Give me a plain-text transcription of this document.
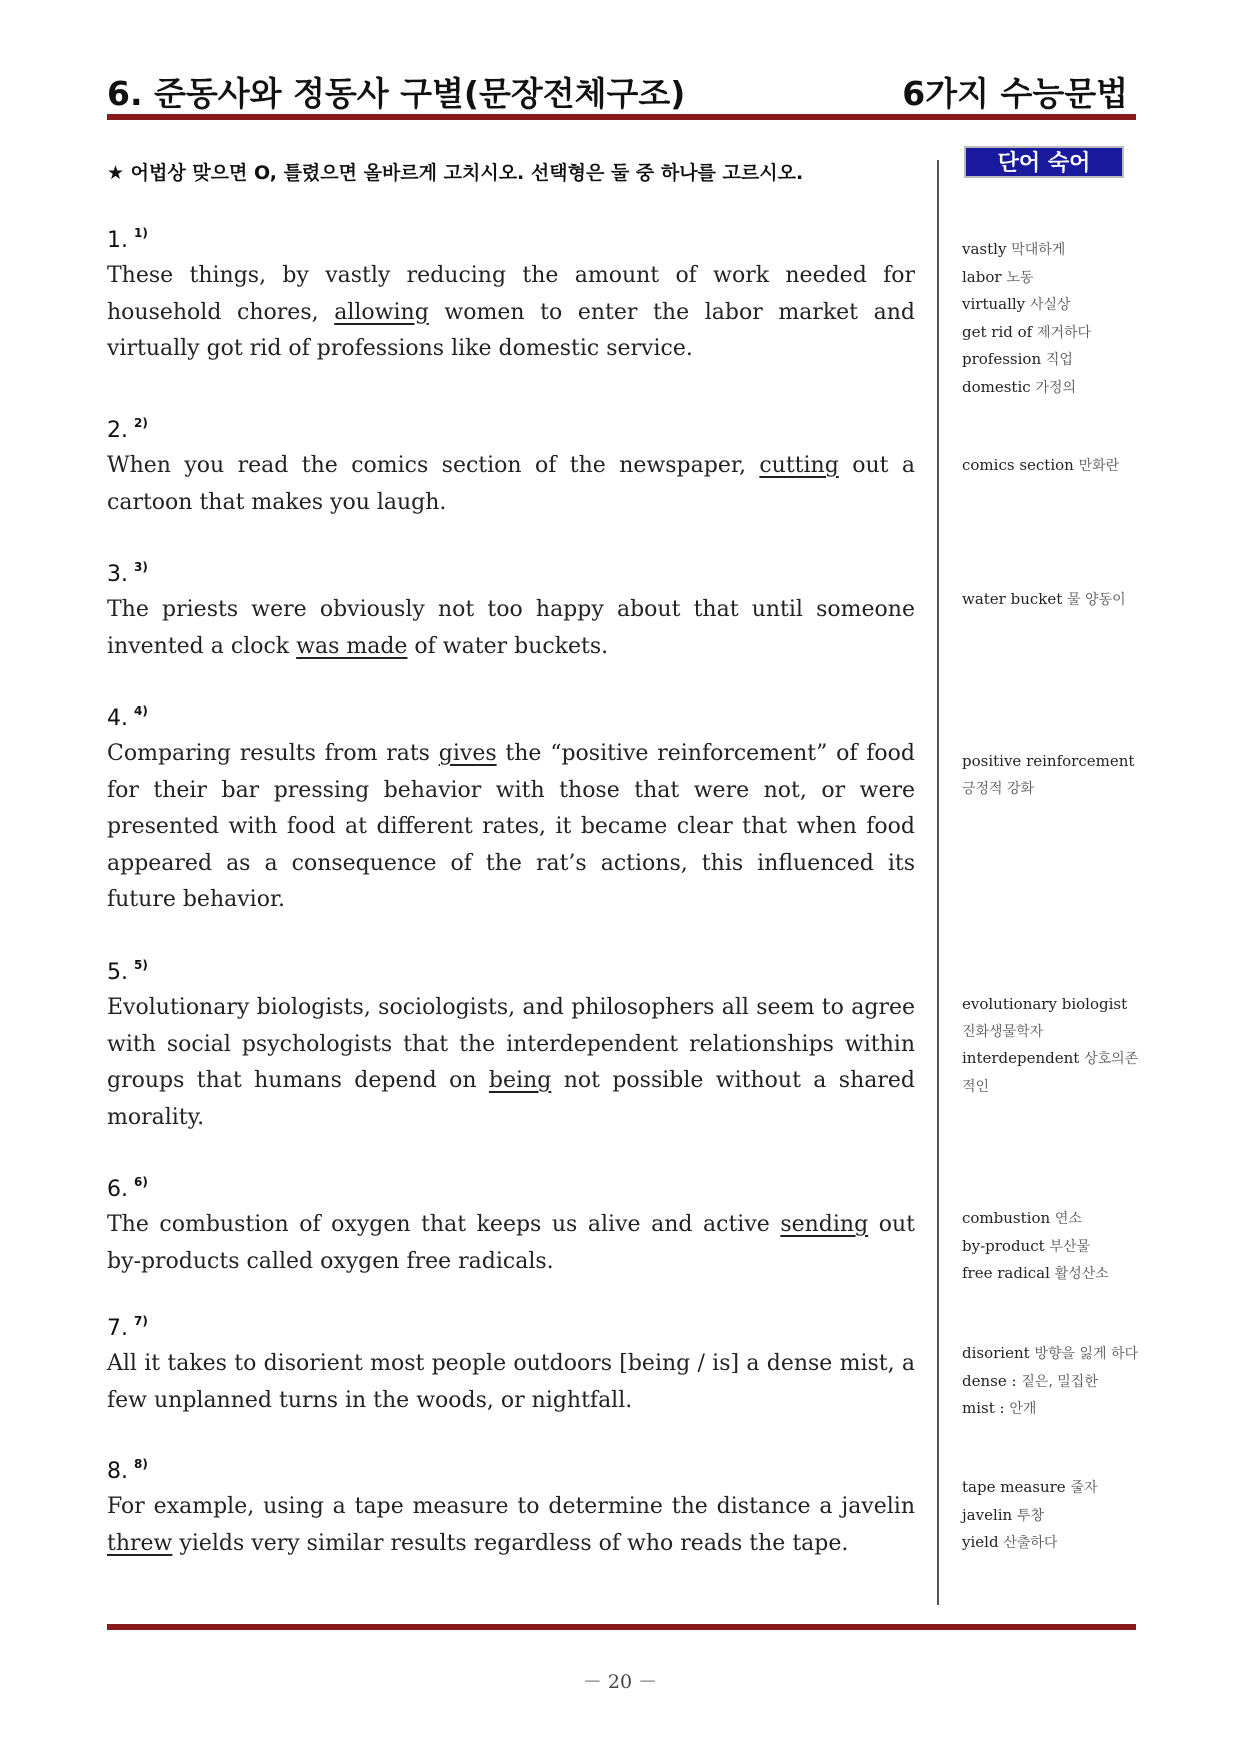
6. 준동사와 정동사 구별(문장전체구조)	6가지 수능문법
★ 어법상 맞으면 O, 틀렸으면 올바르게 고치시오. 선택형은 둘 중 하나를 고르시오.	단어 숙어
1. $^{1)}$
These things, by vastly reducing the amount of work needed for household chores, allowing women to enter the labor market and virtually got rid of professions like domestic service.
2. $^{2)}$
When you read the comics section of the newspaper, cutting out a cartoon that makes you laugh.
3. $^{3)}$
The priests were obviously not too happy about that until someone invented a clock was made of water buckets.
4. $^{4)}$
Comparing results from rats gives the “positive reinforcement” of food for their bar pressing behavior with those that were not, or were presented with food at different rates, it became clear that when food appeared as a consequence of the rat’s actions, this influenced its future behavior.
5. $^{5)}$
Evolutionary biologists, sociologists, and philosophers all seem to agree with social psychologists that the interdependent relationships within groups that humans depend on being not possible without a shared morality.
6. $^{6)}$
The combustion of oxygen that keeps us alive and active sending out by-products called oxygen free radicals.
7. $^{7)}$
All it takes to disorient most people outdoors [being / is] a dense mist, a few unplanned turns in the woods, or nightfall.
8. $^{8)}$
For example, using a tape measure to determine the distance a javelin threw yields very similar results regardless of who reads the tape.
vastly 막대하게
labor 노동
virtually 사실상
get rid of 제거하다
profession 직업
domestic 가정의
comics section 만화란
water bucket 물 양동이
positive reinforcement 긍정적 강화
evolutionary biologist 진화생물학자
interdependent 상호의존적인
combustion 연소
by-product 부산물
free radical 활성산소
disorient 방향을 잃게 하다
dense : 짙은, 밀집한
mist : 안개
tape measure 줄자
javelin 투창
yield 산출하다
－ 20 －
